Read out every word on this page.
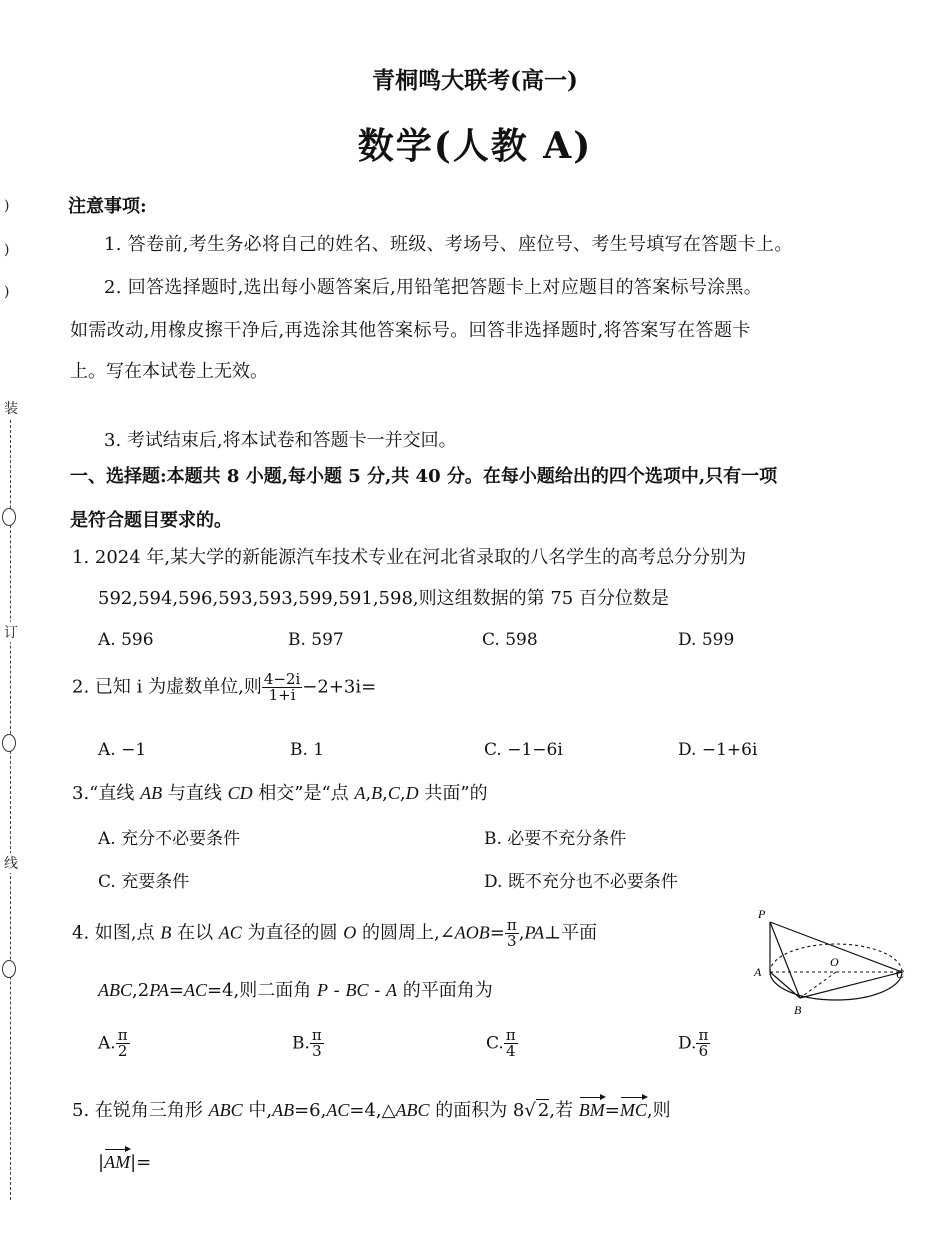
)
)
)
装
订
线
青桐鸣大联考(高一)
数学(人教 A)
注意事项:
1. 答卷前,考生务必将自己的姓名、班级、考场号、座位号、考生号填写在答题卡上。
2. 回答选择题时,选出每小题答案后,用铅笔把答题卡上对应题目的答案标号涂黑。
如需改动,用橡皮擦干净后,再选涂其他答案标号。回答非选择题时,将答案写在答题卡
上。写在本试卷上无效。
3. 考试结束后,将本试卷和答题卡一并交回。
一、选择题:本题共 8 小题,每小题 5 分,共 40 分。在每小题给出的四个选项中,只有一项
是符合题目要求的。
1. 2024 年,某大学的新能源汽车技术专业在河北省录取的八名学生的高考总分分别为
592,594,596,593,593,599,591,598,则这组数据的第 75 百分位数是
A. 596	B. 597	C. 598	D. 599
2. 已知 i 为虚数单位,则 $\frac{4-2i}{1+i} -2+3i=$
A. −1	B. 1	C. −1−6i	D. −1+6i
3.“直线 AB 与直线 CD 相交”是“点 A,B,C,D 共面”的
A. 充分不必要条件	B. 必要不充分条件
C. 充要条件	D. 既不充分也不必要条件
4. 如图,点 B 在以 AC 为直径的圆 O 的圆周上,∠AOB= $\frac{\pi}{3}$ ,PA⊥平面
ABC,2PA=AC=4,则二面角 P - BC - A 的平面角为
A. $\frac{\pi}{2}$	B. $\frac{\pi}{3}$	C. $\frac{\pi}{4}$	D. $\frac{\pi}{6}$
P
A
O
C
B
5. 在锐角三角形 ABC 中,AB=6,AC=4,△ABC 的面积为 8√ 2,若 BM=MC,则
|AM|=
